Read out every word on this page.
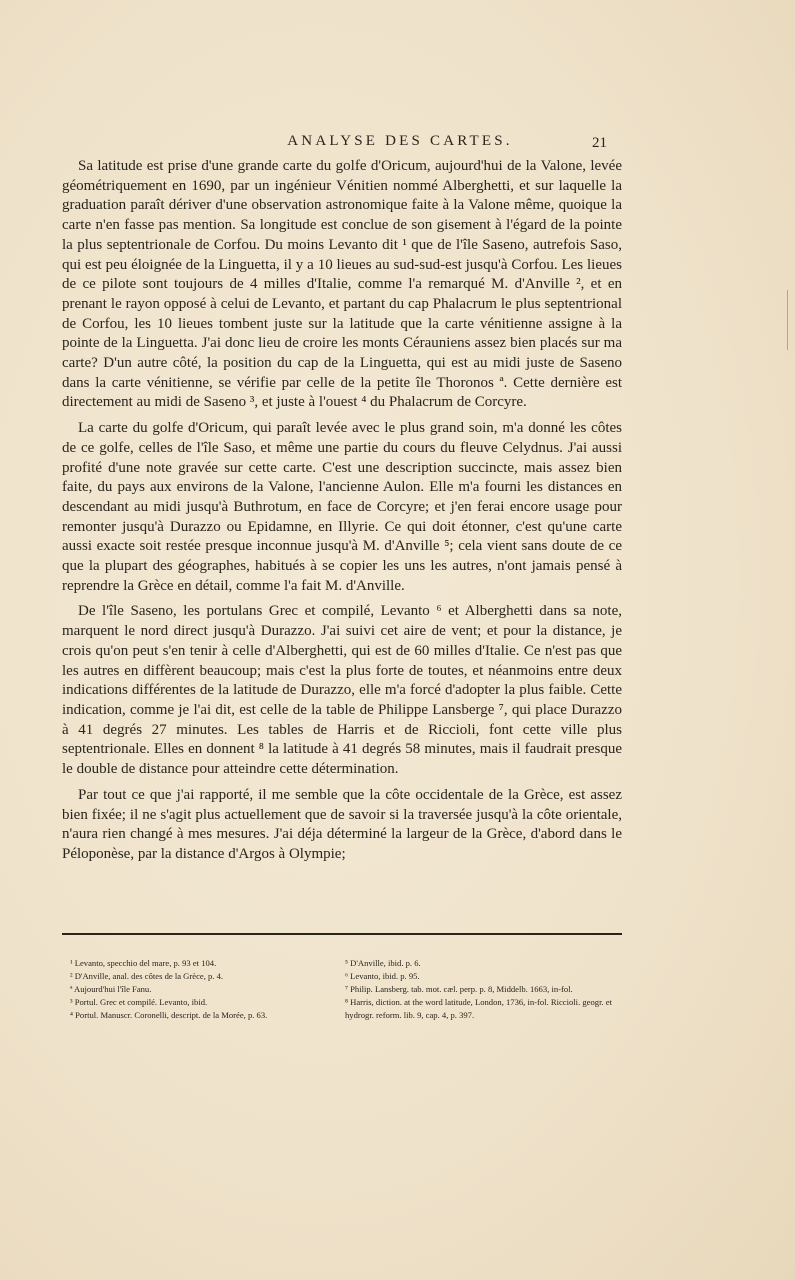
ANALYSE DES CARTES.	21

Sa latitude est prise d'une grande carte du golfe d'Oricum, aujourd'hui de la Valone, levée géométriquement en 1690, par un ingénieur Vénitien nommé Alberghetti, et sur laquelle la graduation paraît dériver d'une observation astronomique faite à la Valone même, quoique la carte n'en fasse pas mention. Sa longitude est conclue de son gisement à l'égard de la pointe la plus septentrionale de Corfou. Du moins Levanto dit ¹ que de l'île Saseno, autrefois Saso, qui est peu éloignée de la Linguetta, il y a 10 lieues au sud-sud-est jusqu'à Corfou. Les lieues de ce pilote sont toujours de 4 milles d'Italie, comme l'a remarqué M. d'Anville ², et en prenant le rayon opposé à celui de Levanto, et partant du cap Phalacrum le plus septentrional de Corfou, les 10 lieues tombent juste sur la latitude que la carte vénitienne assigne à la pointe de la Linguetta. J'ai donc lieu de croire les monts Cérauniens assez bien placés sur ma carte? D'un autre côté, la position du cap de la Linguetta, qui est au midi juste de Saseno dans la carte vénitienne, se vérifie par celle de la petite île Thoronos ª. Cette dernière est directement au midi de Saseno ³, et juste à l'ouest ⁴ du Phalacrum de Corcyre.

La carte du golfe d'Oricum, qui paraît levée avec le plus grand soin, m'a donné les côtes de ce golfe, celles de l'île Saso, et même une partie du cours du fleuve Celydnus. J'ai aussi profité d'une note gravée sur cette carte. C'est une description succincte, mais assez bien faite, du pays aux environs de la Valone, l'ancienne Aulon. Elle m'a fourni les distances en descendant au midi jusqu'à Buthrotum, en face de Corcyre; et j'en ferai encore usage pour remonter jusqu'à Durazzo ou Epidamne, en Illyrie. Ce qui doit étonner, c'est qu'une carte aussi exacte soit restée presque inconnue jusqu'à M. d'Anville ⁵; cela vient sans doute de ce que la plupart des géographes, habitués à se copier les uns les autres, n'ont jamais pensé à reprendre la Grèce en détail, comme l'a fait M. d'Anville.

De l'île Saseno, les portulans Grec et compilé, Levanto ⁶ et Alberghetti dans sa note, marquent le nord direct jusqu'à Durazzo. J'ai suivi cet aire de vent; et pour la distance, je crois qu'on peut s'en tenir à celle d'Alberghetti, qui est de 60 milles d'Italie. Ce n'est pas que les autres en diffèrent beaucoup; mais c'est la plus forte de toutes, et néanmoins entre deux indications différentes de la latitude de Durazzo, elle m'a forcé d'adopter la plus faible. Cette indication, comme je l'ai dit, est celle de la table de Philippe Lansberge ⁷, qui place Durazzo à 41 degrés 27 minutes. Les tables de Harris et de Riccioli, font cette ville plus septentrionale. Elles en donnent ⁸ la latitude à 41 degrés 58 minutes, mais il faudrait presque le double de distance pour atteindre cette détermination.

Par tout ce que j'ai rapporté, il me semble que la côte occidentale de la Grèce, est assez bien fixée; il ne s'agit plus actuellement que de savoir si la traversée jusqu'à la côte orientale, n'aura rien changé à mes mesures. J'ai déja déterminé la largeur de la Grèce, d'abord dans le Péloponèse, par la distance d'Argos à Olympie;

¹ Levanto, specchio del mare, p. 93 et 104.
² D'Anville, anal. des côtes de la Grèce, p. 4.
ª Aujourd'hui l'île Fanu.
³ Portul. Grec et compilé. Levanto, ibid.
⁴ Portul. Manuscr. Coronelli, descript. de la Morée, p. 63.
⁵ D'Anville, ibid. p. 6.
⁶ Levanto, ibid. p. 95.
⁷ Philip. Lansberg. tab. mot. cæl. perp. p. 8, Middelb. 1663, in-fol.
⁸ Harris, diction. at the word latitude, London, 1736, in-fol. Riccioli. geogr. et hydrogr. reform. lib. 9, cap. 4, p. 397.
